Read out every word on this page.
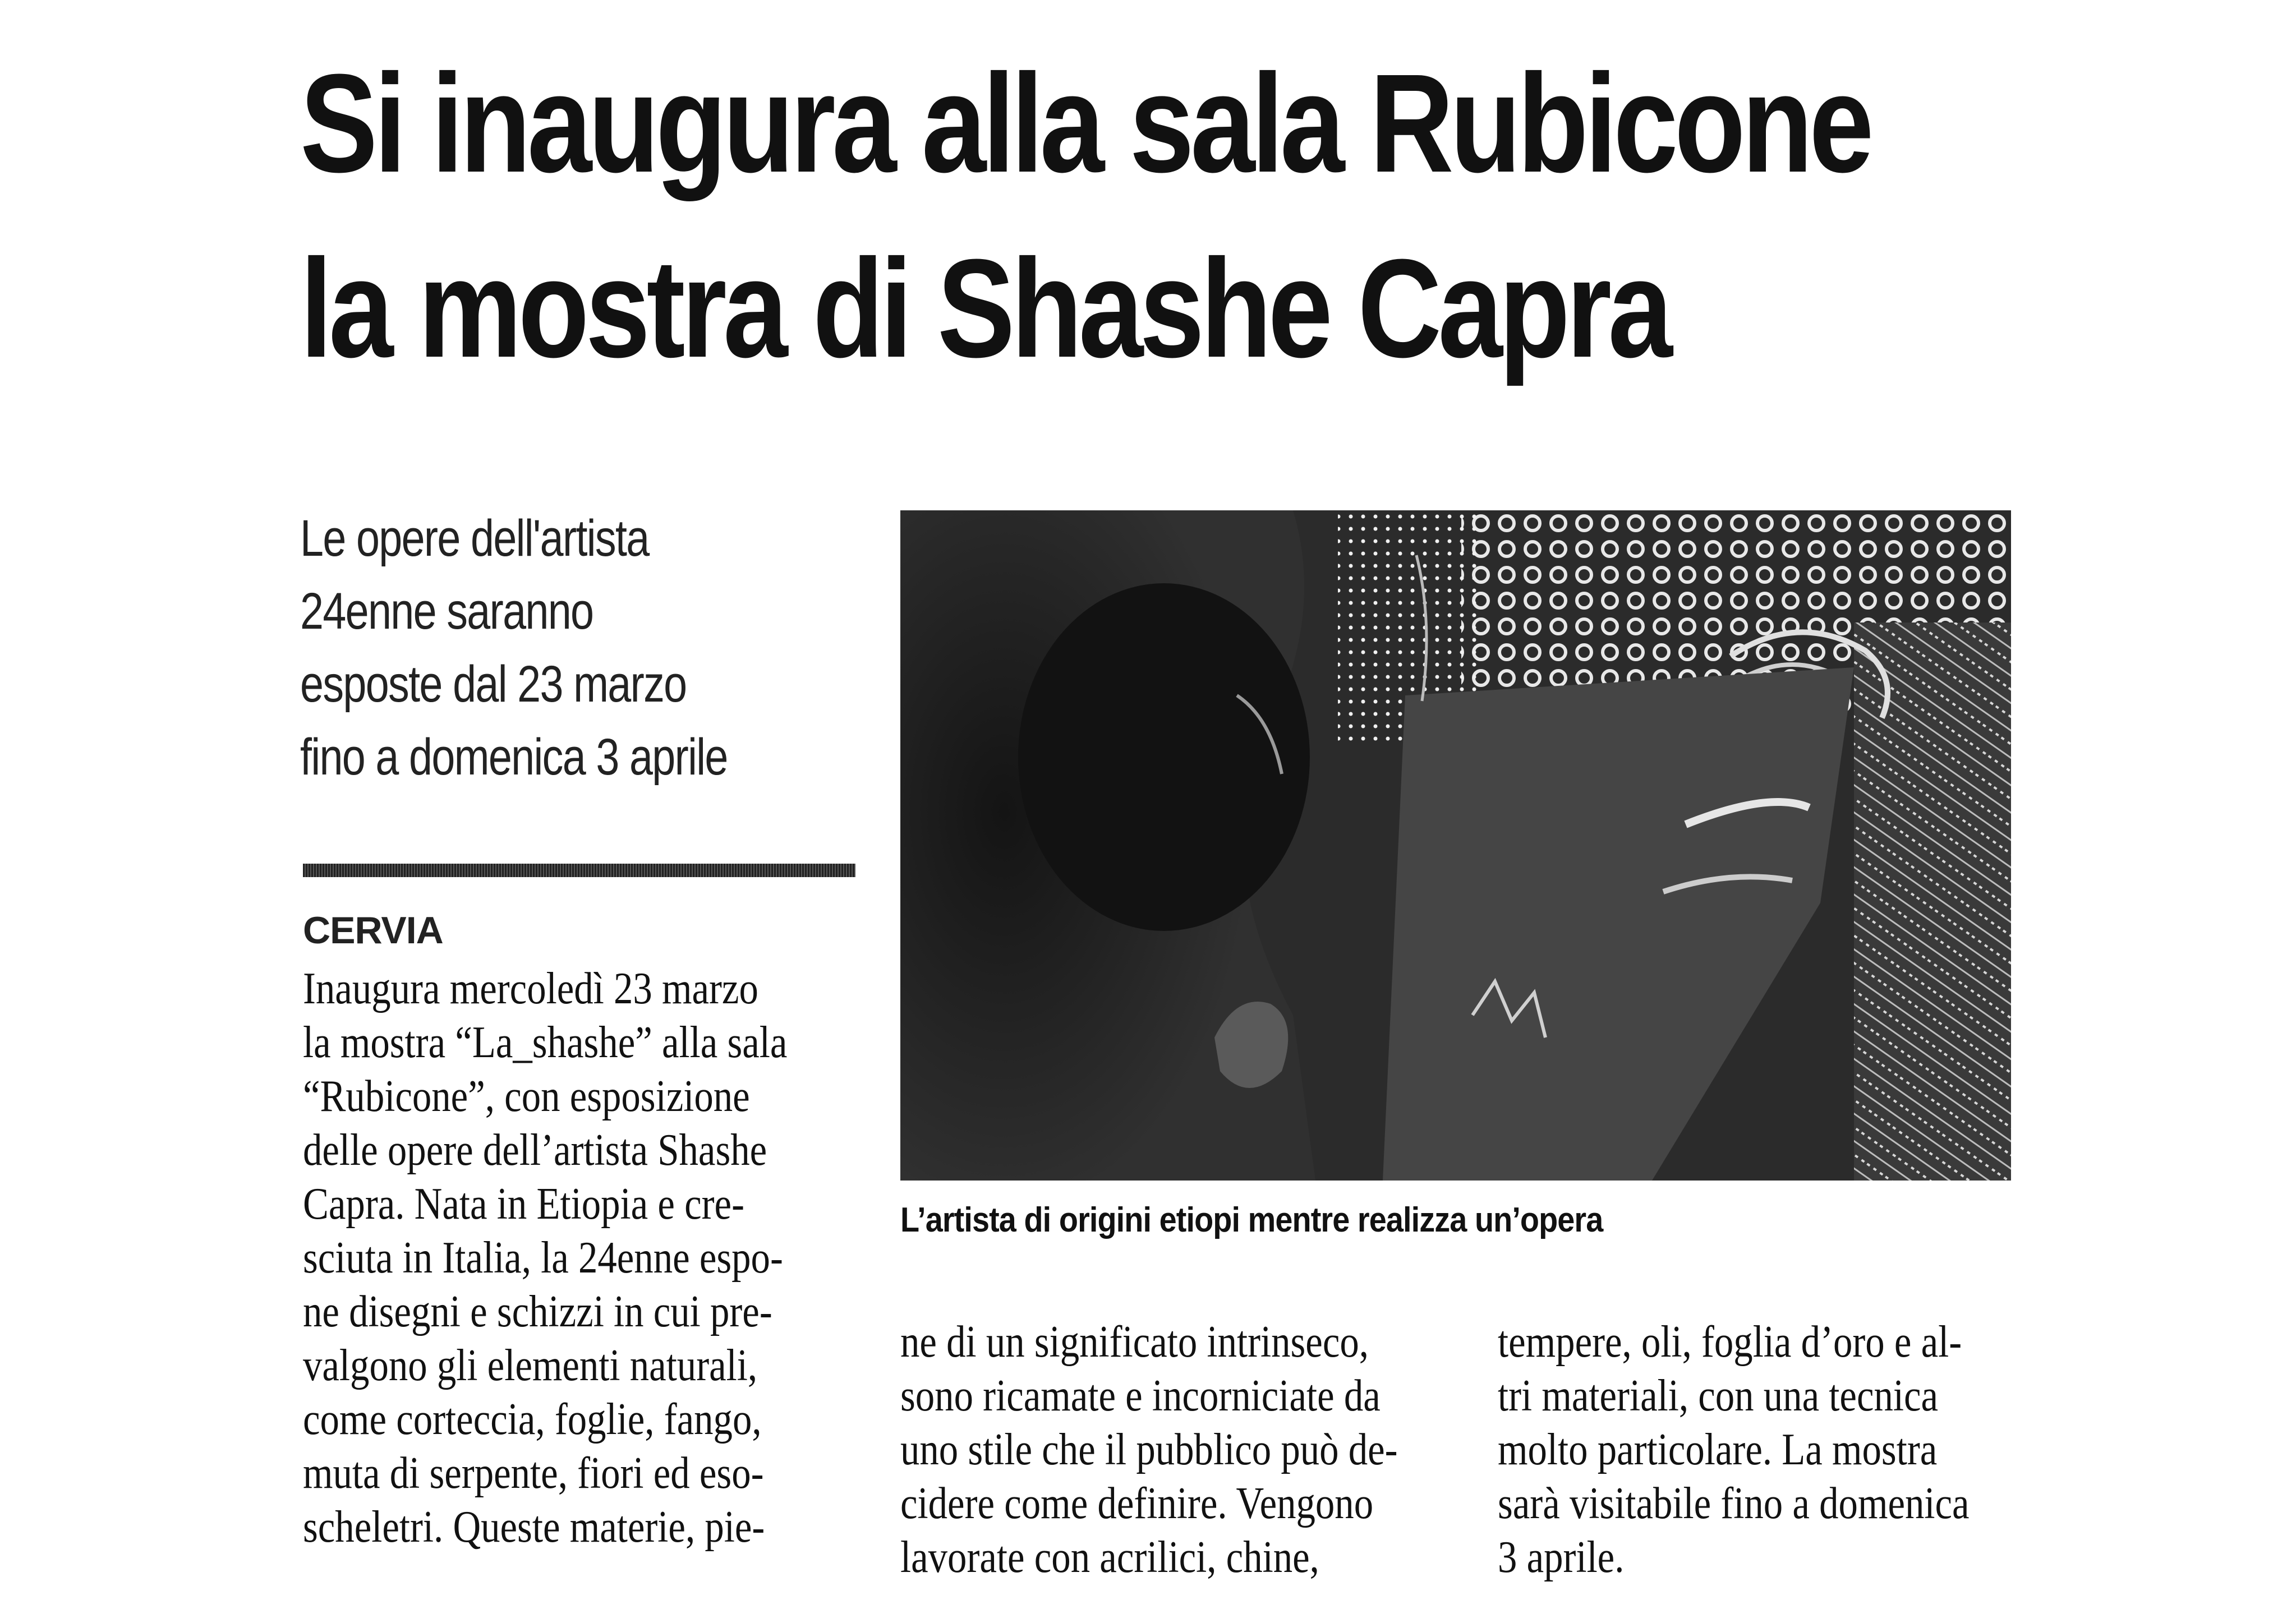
Si inaugura alla sala Rubicone
la mostra di Shashe Capra
Le opere dell'artista
24enne saranno
esposte dal 23 marzo
fino a domenica 3 aprile
CERVIA
Inaugura mercoledì 23 marzo
la mostra “La_shashe” alla sala
“Rubicone”, con esposizione
delle opere dell’artista Shashe
Capra. Nata in Etiopia e cre-
sciuta in Italia, la 24enne espo-
ne disegni e schizzi in cui pre-
valgono gli elementi naturali,
come corteccia, foglie, fango,
muta di serpente, fiori ed eso-
scheletri. Queste materie, pie-
L’artista di origini etiopi mentre realizza un’opera
ne di un significato intrinseco,
sono ricamate e incorniciate da
uno stile che il pubblico può de-
cidere come definire. Vengono
lavorate con acrilici, chine,
tempere, oli, foglia d’oro e al-
tri materiali, con una tecnica
molto particolare. La mostra
sarà visitabile fino a domenica
3 aprile.
